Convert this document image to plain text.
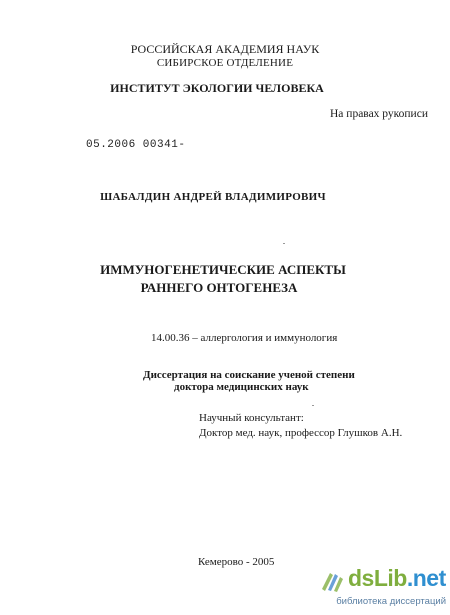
РОССИЙСКАЯ АКАДЕМИЯ НАУК
СИБИРСКОЕ ОТДЕЛЕНИЕ
ИНСТИТУТ ЭКОЛОГИИ ЧЕЛОВЕКА
На правах рукописи
05.2006 00341-
ШАБАЛДИН АНДРЕЙ ВЛАДИМИРОВИЧ
ИММУНОГЕНЕТИЧЕСКИЕ АСПЕКТЫ
РАННЕГО ОНТОГЕНЕЗА
14.00.36 – аллергология и иммунология
Диссертация на соискание ученой степени
доктора медицинских наук
Научный консультант:
Доктор мед. наук, профессор Глушков А.Н.
Кемерово - 2005
dsLib.net
библиотека диссертаций
